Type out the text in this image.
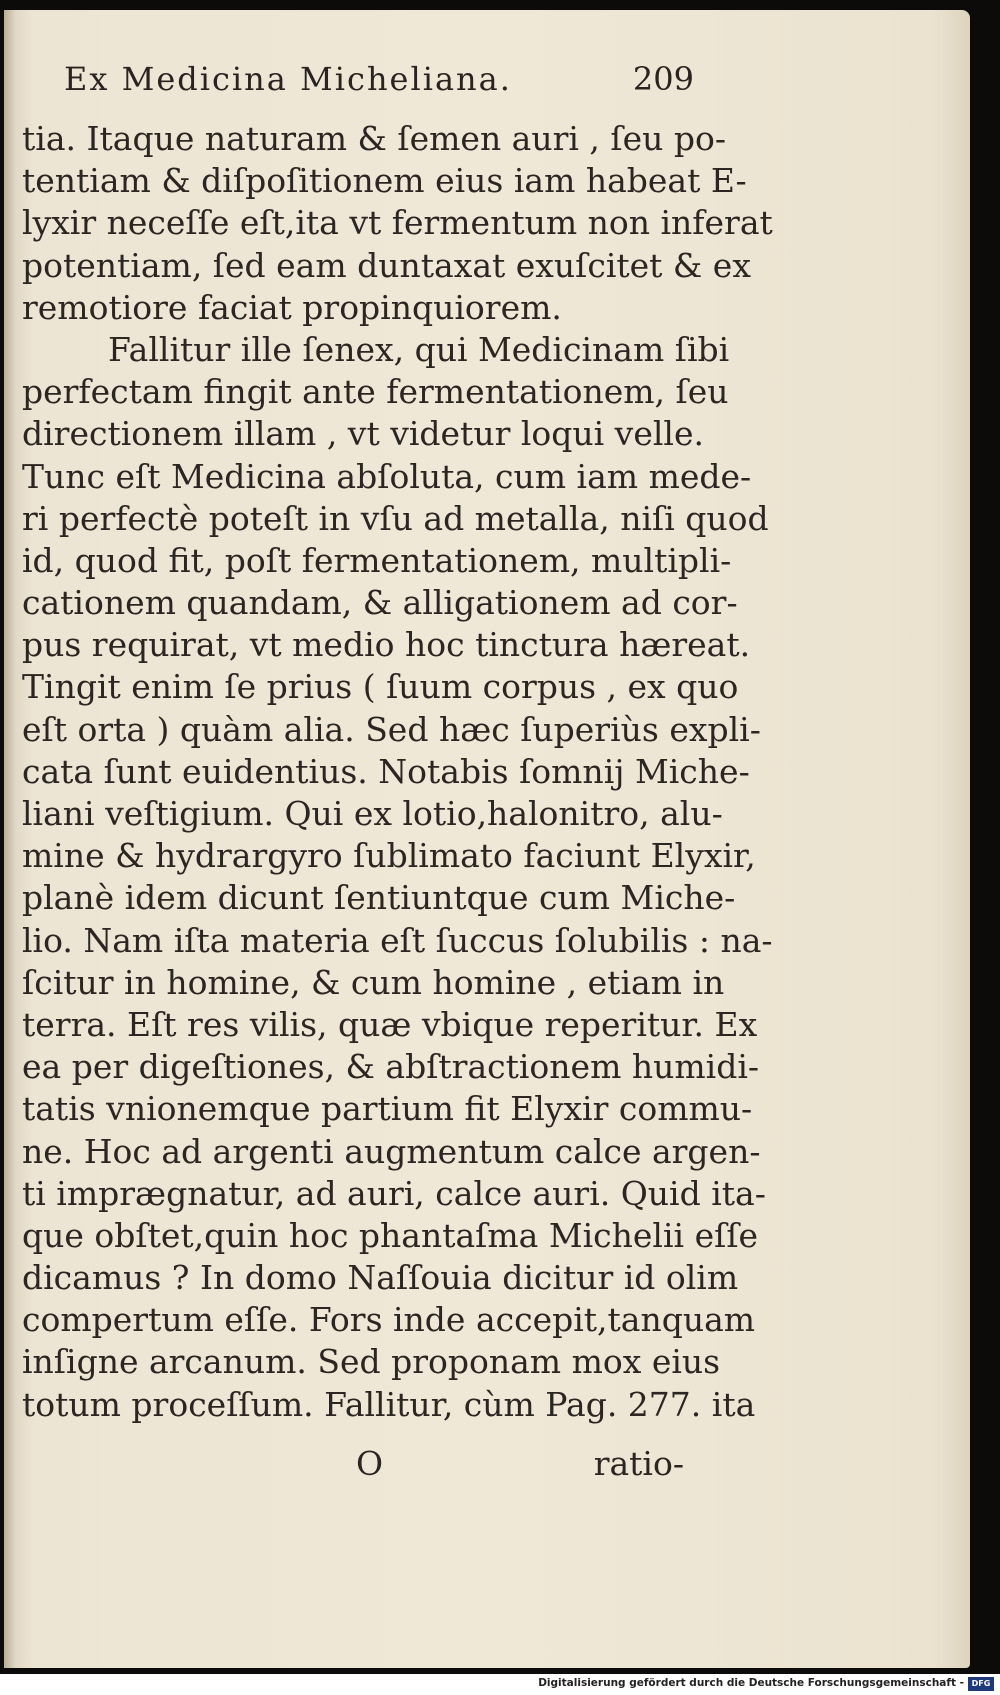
Ex Medicina Micheliana.	209
tia. Itaque naturam & ſemen auri , ſeu po-
tentiam & diſpoſitionem eius iam habeat E-
lyxir neceſſe eſt,ita vt fermentum non inferat
potentiam, ſed eam duntaxat exuſcitet & ex
remotiore faciat propinquiorem.
Fallitur ille ſenex, qui Medicinam ſibi
perfectam fingit ante fermentationem, ſeu
directionem illam , vt videtur loqui velle.
Tunc eſt Medicina abſoluta, cum iam mede-
ri perfectè poteſt in vſu ad metalla, niſi quod
id, quod fit, poſt fermentationem, multipli-
cationem quandam, & alligationem ad cor-
pus requirat, vt medio hoc tinctura hæreat.
Tingit enim ſe prius ( ſuum corpus , ex quo
eſt orta ) quàm alia. Sed hæc ſuperiùs expli-
cata ſunt euidentius. Notabis ſomnij Miche-
liani veſtigium. Qui ex lotio,halonitro, alu-
mine & hydrargyro ſublimato faciunt Elyxir,
planè idem dicunt ſentiuntque cum Miche-
lio. Nam iſta materia eſt ſuccus ſolubilis : na-
ſcitur in homine, & cum homine , etiam in
terra. Eſt res vilis, quæ vbique reperitur. Ex
ea per digeſtiones, & abſtractionem humidi-
tatis vnionemque partium fit Elyxir commu-
ne. Hoc ad argenti augmentum calce argen-
ti imprægnatur, ad auri, calce auri. Quid ita-
que obſtet,quin hoc phantaſma Michelii eſſe
dicamus ? In domo Naſſouia dicitur id olim
compertum eſſe. Fors inde accepit,tanquam
inſigne arcanum. Sed proponam mox eius
totum proceſſum. Fallitur, cùm Pag. 277. ita
O	ratio-
Digitalisierung gefördert durch die Deutsche Forschungsgemeinschaft - DFG
